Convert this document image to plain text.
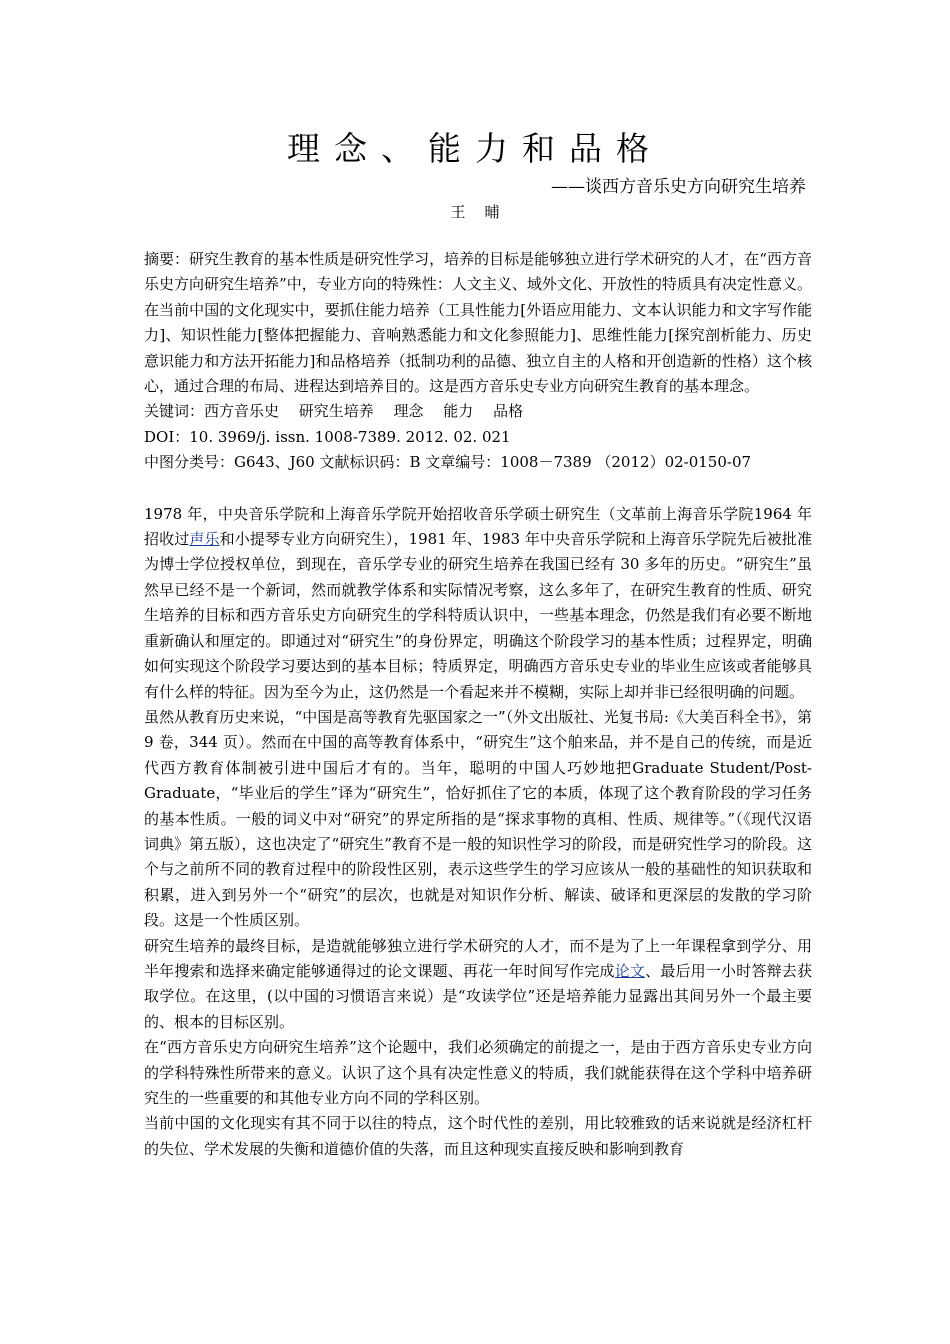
理念、能力和品格
——谈西方音乐史方向研究生培养
王    晡

摘要：研究生教育的基本性质是研究性学习，培养的目标是能够独立进行学术研究的人才，在“西方音乐史方向研究生培养”中，专业方向的特殊性：人文主义、域外文化、开放性的特质具有决定性意义。在当前中国的文化现实中，要抓住能力培养（工具性能力[外语应用能力、文本认识能力和文字写作能力]、知识性能力[整体把握能力、音响熟悉能力和文化参照能力]、思维性能力[探究剖析能力、历史意识能力和方法开拓能力]和品格培养（抵制功利的品德、独立自主的人格和开创造新的性格）这个核心，通过合理的布局、进程达到培养目的。这是西方音乐史专业方向研究生教育的基本理念。

关键词：西方音乐史　 研究生培养　 理念　 能力　 品格

DOI：10. 3969/j. issn. 1008-7389. 2012. 02. 021

中图分类号：G643、J60 文献标识码：B 文章编号：1008－7389 （2012）02-0150-07

1978 年，中央音乐学院和上海音乐学院开始招收音乐学硕士研究生（文革前上海音乐学院1964 年招收过声乐和小提琴专业方向研究生），1981 年、1983 年中央音乐学院和上海音乐学院先后被批准为博士学位授权单位，到现在，音乐学专业的研究生培养在我国已经有 30 多年的历史。“研究生”虽然早已经不是一个新词，然而就教学体系和实际情况考察，这么多年了，在研究生教育的性质、研究生培养的目标和西方音乐史方向研究生的学科特质认识中，一些基本理念，仍然是我们有必要不断地重新确认和厘定的。即通过对“研究生”的身份界定，明确这个阶段学习的基本性质；过程界定，明确如何实现这个阶段学习要达到的基本目标；特质界定，明确西方音乐史专业的毕业生应该或者能够具有什么样的特征。因为至今为止，这仍然是一个看起来并不模糊，实际上却并非已经很明确的问题。

虽然从教育历史来说，“中国是高等教育先驱国家之一”（外文出版社、光复书局:《大美百科全书》，第 9 卷，344 页）。然而在中国的高等教育体系中，“研究生”这个舶来品，并不是自己的传统，而是近代西方教育体制被引进中国后才有的。当年，聪明的中国人巧妙地把Graduate Student/Post-Graduate，“毕业后的学生”译为“研究生”，恰好抓住了它的本质，体现了这个教育阶段的学习任务的基本性质。一般的词义中对“研究”的界定所指的是“探求事物的真相、性质、规律等。”（《现代汉语词典》第五版），这也决定了“研究生”教育不是一般的知识性学习的阶段，而是研究性学习的阶段。这个与之前所不同的教育过程中的阶段性区别，表示这些学生的学习应该从一般的基础性的知识获取和积累，进入到另外一个“研究”的层次，也就是对知识作分析、解读、破译和更深层的发散的学习阶段。这是一个性质区别。

研究生培养的最终目标，是造就能够独立进行学术研究的人才，而不是为了上一年课程拿到学分、用半年搜索和选择来确定能够通得过的论文课题、再花一年时间写作完成论文、最后用一小时答辩去获取学位。在这里，(以中国的习惯语言来说）是“攻读学位”还是培养能力显露出其间另外一个最主要的、根本的目标区别。

在“西方音乐史方向研究生培养”这个论题中，我们必须确定的前提之一，是由于西方音乐史专业方向的学科特殊性所带来的意义。认识了这个具有决定性意义的特质，我们就能获得在这个学科中培养研究生的一些重要的和其他专业方向不同的学科区别。

当前中国的文化现实有其不同于以往的特点，这个时代性的差别，用比较雅致的话来说就是经济杠杆的失位、学术发展的失衡和道德价值的失落，而且这种现实直接反映和影响到教育
